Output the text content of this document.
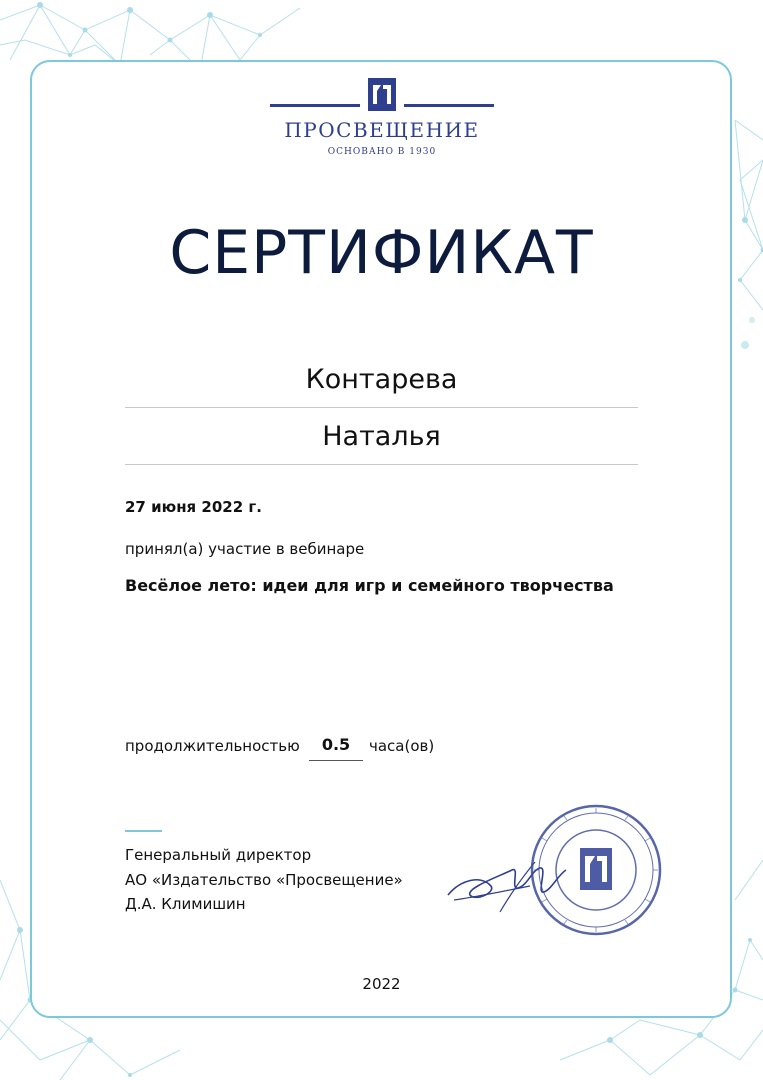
ПРОСВЕЩЕНИЕ
ОСНОВАНО В 1930
СЕРТИФИКАТ
Контарева
Наталья
27 июня 2022 г.
принял(а) участие в вебинаре
Весёлое лето: идеи для игр и семейного творчества
продолжительностью	0.5	часа(ов)
Генеральный директор
АО «Издательство «Просвещение»
Д.А. Климишин
2022
